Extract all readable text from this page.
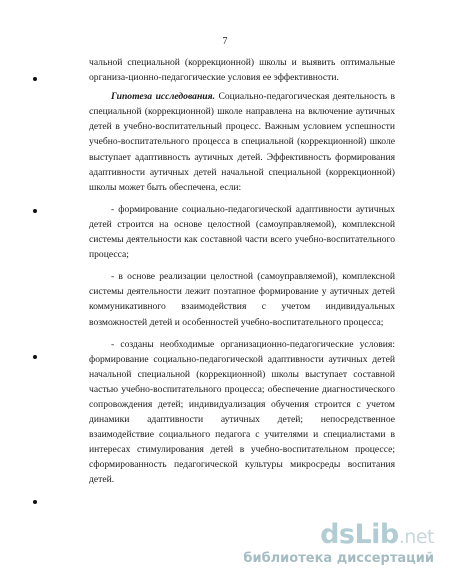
7

чальной специальной (коррекционной) школы и выявить оптимальные организа-ционно-педагогические условия ее эффективности.

Гипотеза исследования. Социально-педагогическая деятельность в специальной (коррекционной) школе направлена на включение аутичных детей в учебно-воспитательный процесс. Важным условием успешности учебно-воспитательного процесса в специальной (коррекционной) школе выступает адаптивность аутичных детей. Эффективность формирования адаптивности аутичных детей начальной специальной (коррекционной) школы может быть обеспечена, если:

- формирование социально-педагогической адаптивности аутичных детей строится на основе целостной (самоуправляемой), комплексной системы деятельности как составной части всего учебно-воспитательного процесса;

- в основе реализации целостной (самоуправляемой), комплексной системы деятельности лежит поэтапное формирование у аутичных детей коммуникативного взаимодействия с учетом индивидуальных возможностей детей и особенностей учебно-воспитательного процесса;

- созданы необходимые организационно-педагогические условия: формирование социально-педагогической адаптивности аутичных детей начальной специальной (коррекционной) школы выступает составной частью учебно-воспитательного процесса; обеспечение диагностического сопровождения детей; индивидуализация обучения строится с учетом динамики адаптивности аутичных детей; непосредственное взаимодействие социального педагога с учителями и специалистами в интересах стимулирования детей в учебно-воспитательном процессе; сформированность педагогической культуры микросреды воспитания детей.

dsLib.net
библиотека диссертаций
